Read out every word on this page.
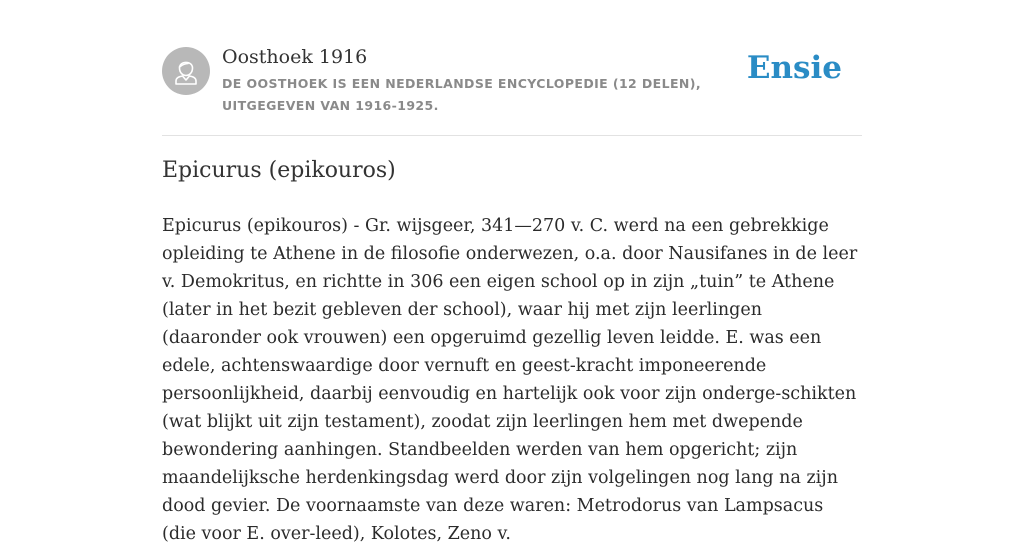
Oosthoek 1916
DE OOSTHOEK IS EEN NEDERLANDSE ENCYCLOPEDIE (12 DELEN), UITGEGEVEN VAN 1916-1925.
Ensie
Epicurus (epikouros)

Epicurus (epikouros) - Gr. wijsgeer, 341—270 v. C. werd na een gebrekkige opleiding te Athene in de filosofie onderwezen, o.a. door Nausifanes in de leer v. Demokritus, en richtte in 306 een eigen school op in zijn „tuin” te Athene (later in het bezit gebleven der school), waar hij met zijn leerlingen (daaronder ook vrouwen) een opgeruimd gezellig leven leidde. E. was een edele, achtenswaardige door vernuft en geest-kracht imponeerende persoonlijkheid, daarbij eenvoudig en hartelijk ook voor zijn onderge-schikten (wat blijkt uit zijn testament), zoodat zijn leerlingen hem met dwepende bewondering aanhingen. Standbeelden werden van hem opgericht; zijn maandelijksche herdenkingsdag werd door zijn volgelingen nog lang na zijn dood gevier. De voornaamste van deze waren: Metrodorus van Lampsacus (die voor E. over-leed), Kolotes, Zeno v.
